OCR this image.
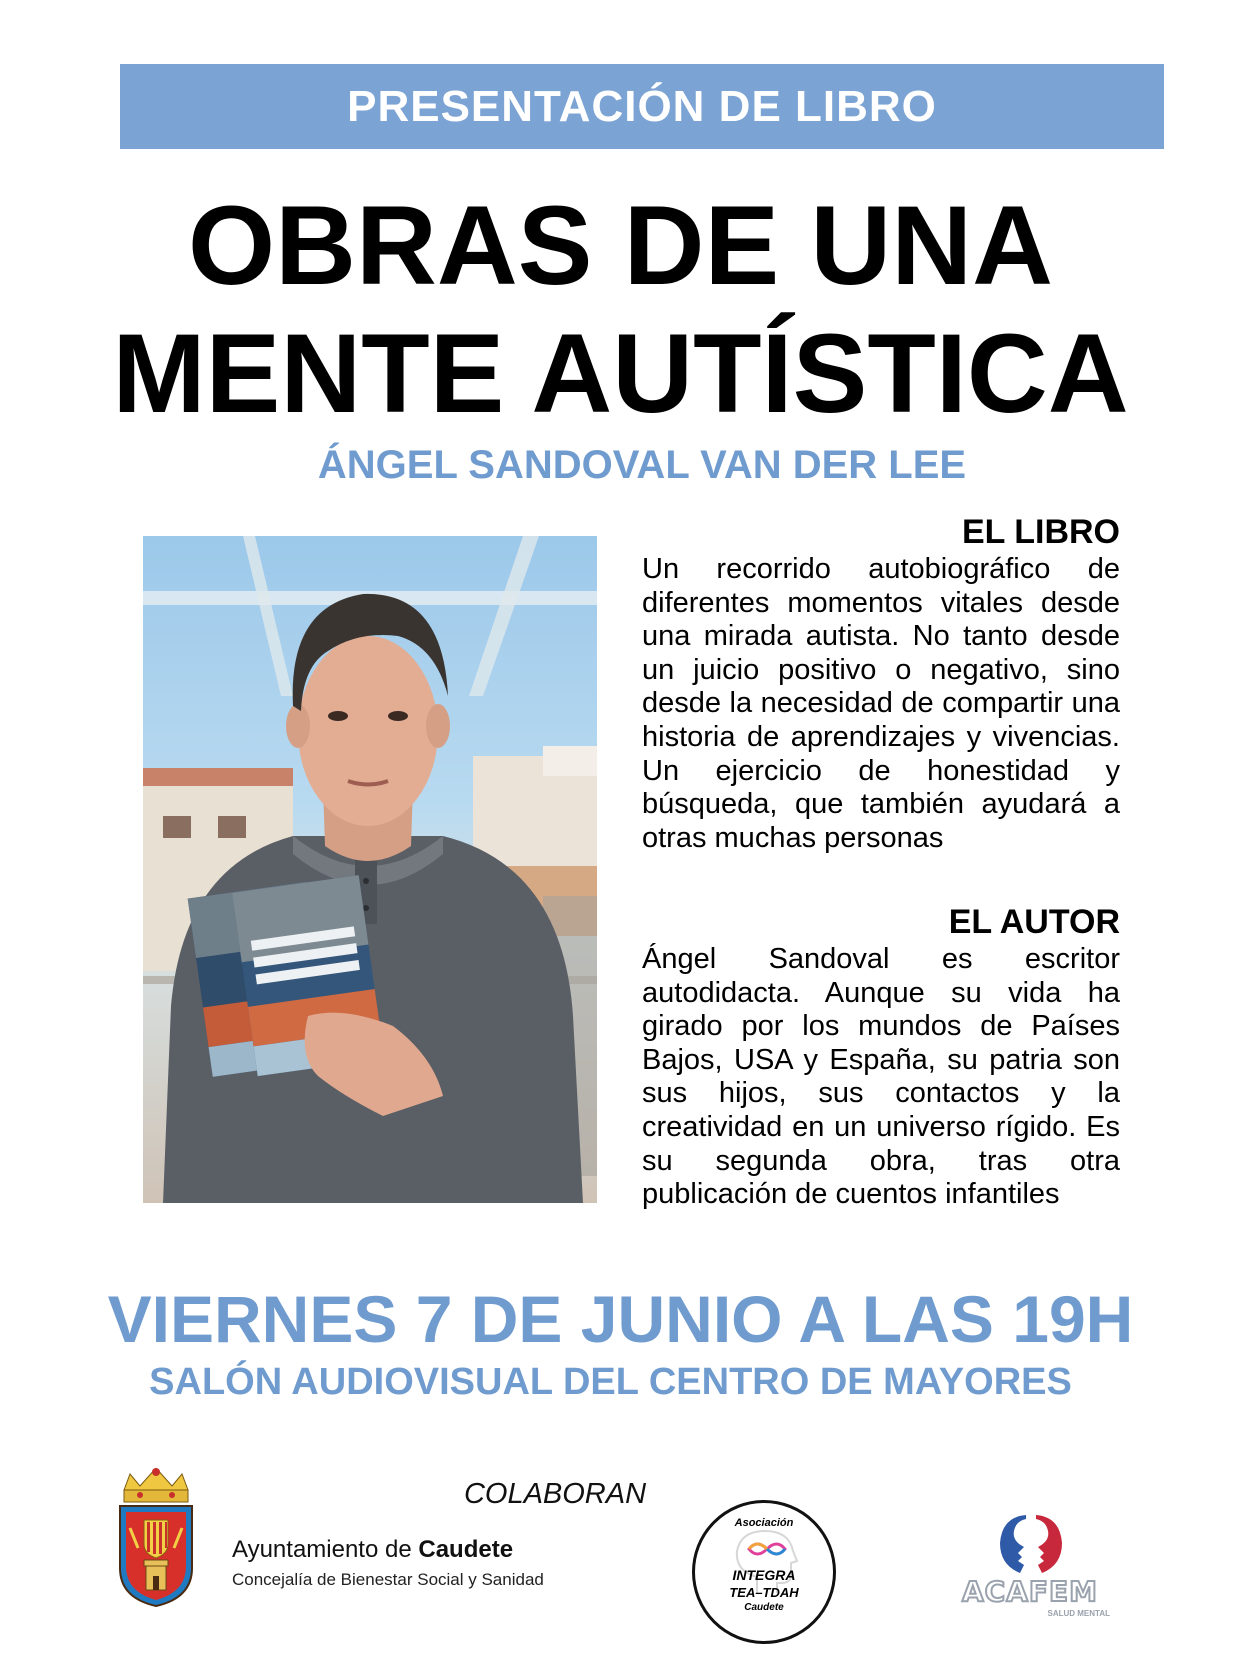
PRESENTACIÓN DE LIBRO
OBRAS DE UNA
MENTE AUTÍSTICA
ÁNGEL SANDOVAL VAN DER LEE
EL LIBRO
Un recorrido autobiográfico de diferentes momentos vitales desde una mirada autista. No tanto desde un juicio positivo o negativo, sino desde la necesidad de compartir una historia de aprendizajes y vivencias. Un ejercicio de honestidad y búsqueda, que también ayudará a otras muchas personas
EL AUTOR
Ángel Sandoval es escritor autodidacta. Aunque su vida ha girado por los mundos de Países Bajos, USA y España, su patria son sus hijos, sus contactos y la creatividad en un universo rígido. Es su segunda obra, tras otra publicación de cuentos infantiles
VIERNES 7 DE JUNIO A LAS 19H
SALÓN AUDIOVISUAL DEL CENTRO DE MAYORES
COLABORAN
Ayuntamiento de Caudete
Concejalía de Bienestar Social y Sanidad
Asociación
INTEGRA
TEA–TDAH
Caudete	ACAFEM
SALUD MENTAL
